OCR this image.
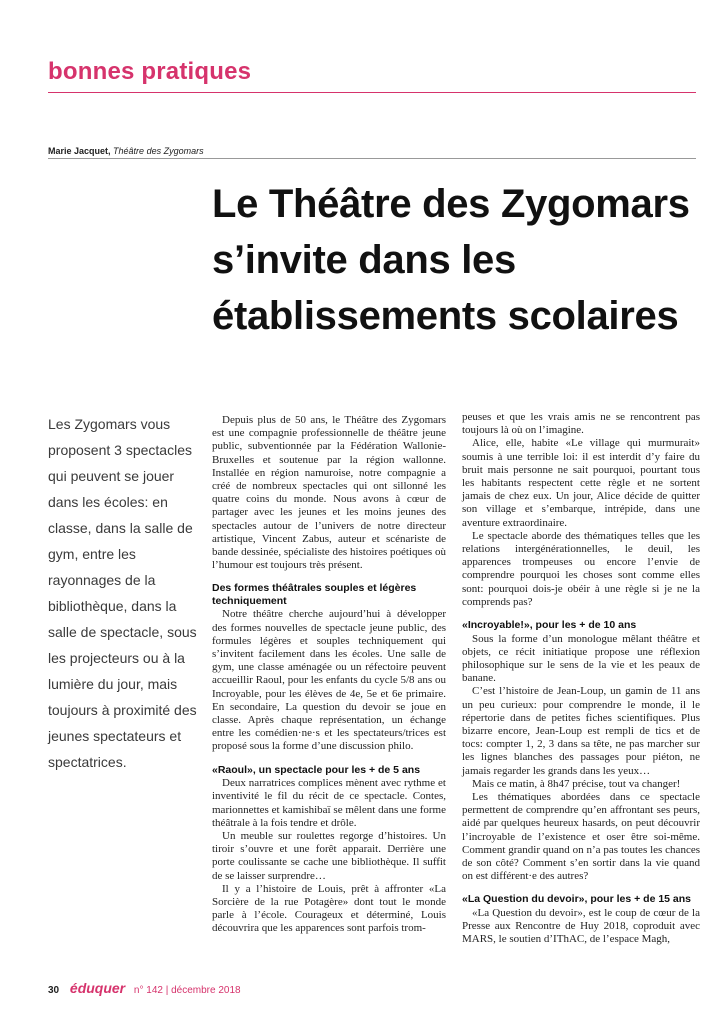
bonnes pratiques
Marie Jacquet, Théâtre des Zygomars
Le Théâtre des Zygomars s’invite dans les établissements scolaires

Les Zygomars vous proposent 3 spectacles qui peuvent se jouer dans les écoles: en classe, dans la salle de gym, entre les rayonnages de la bibliothèque, dans la salle de spectacle, sous les projecteurs ou à la lumière du jour, mais toujours à proximité des jeunes spectateurs et spectatrices.

Depuis plus de 50 ans, le Théâtre des Zygomars est une compagnie professionnelle de théâtre jeune public, subventionnée par la Fédération Wallonie-Bruxelles et soutenue par la région wallonne. Installée en région namuroise, notre compagnie a créé de nombreux spectacles qui ont sillonné les quatre coins du monde. Nous avons à cœur de partager avec les jeunes et les moins jeunes des spectacles autour de l’univers de notre directeur artistique, Vincent Zabus, auteur et scénariste de bande dessinée, spécialiste des histoires poétiques où l’humour est toujours très présent.

Des formes théâtrales souples et légères techniquement

Notre théâtre cherche aujourd’hui à développer des formes nouvelles de spectacle jeune public, des formules légères et souples techniquement qui s’invitent facilement dans les écoles. Une salle de gym, une classe aménagée ou un réfectoire peuvent accueillir Raoul, pour les enfants du cycle 5/8 ans ou Incroyable, pour les élèves de 4e, 5e et 6e primaire. En secondaire, La question du devoir se joue en classe. Après chaque représentation, un échange entre les comédien·ne·s et les spectateurs/trices est proposé sous la forme d’une discussion philo.

«Raoul», un spectacle pour les + de 5 ans

Deux narratrices complices mènent avec rythme et inventivité le fil du récit de ce spectacle. Contes, marionnettes et kamishibaï se mêlent dans une forme théâtrale à la fois tendre et drôle.

Un meuble sur roulettes regorge d’histoires. Un tiroir s’ouvre et une forêt apparait. Derrière une porte coulissante se cache une bibliothèque. Il suffit de se laisser surprendre…

Il y a l’histoire de Louis, prêt à affronter «La Sorcière de la rue Potagère» dont tout le monde parle à l’école. Courageux et déterminé, Louis découvrira que les apparences sont parfois trom-

peuses et que les vrais amis ne se rencontrent pas toujours là où on l’imagine.

Alice, elle, habite «Le village qui murmurait» soumis à une terrible loi: il est interdit d’y faire du bruit mais personne ne sait pourquoi, pourtant tous les habitants respectent cette règle et ne sortent jamais de chez eux. Un jour, Alice décide de quitter son village et s’embarque, intrépide, dans une aventure extraordinaire.

Le spectacle aborde des thématiques telles que les relations intergénérationnelles, le deuil, les apparences trompeuses ou encore l’envie de comprendre pourquoi les choses sont comme elles sont: pourquoi dois-je obéir à une règle si je ne la comprends pas?

«Incroyable!», pour les + de 10 ans

Sous la forme d’un monologue mêlant théâtre et objets, ce récit initiatique propose une réflexion philosophique sur le sens de la vie et les peaux de banane.

C’est l’histoire de Jean-Loup, un gamin de 11 ans un peu curieux: pour comprendre le monde, il le répertorie dans de petites fiches scientifiques. Plus bizarre encore, Jean-Loup est rempli de tics et de tocs: compter 1, 2, 3 dans sa tête, ne pas marcher sur les lignes blanches des passages pour piéton, ne jamais regarder les grands dans les yeux…

Mais ce matin, à 8h47 précise, tout va changer!

Les thématiques abordées dans ce spectacle permettent de comprendre qu’en affrontant ses peurs, aidé par quelques heureux hasards, on peut découvrir l’incroyable de l’existence et oser être soi-même. Comment grandir quand on n’a pas toutes les chances de son côté? Comment s’en sortir dans la vie quand on est différent·e des autres?

«La Question du devoir», pour les + de 15 ans

«La Question du devoir», est le coup de cœur de la Presse aux Rencontre de Huy 2018, coproduit avec MARS, le soutien d’IThAC, de l’espace Magh,

30 éduquer n° 142 | décembre 2018
